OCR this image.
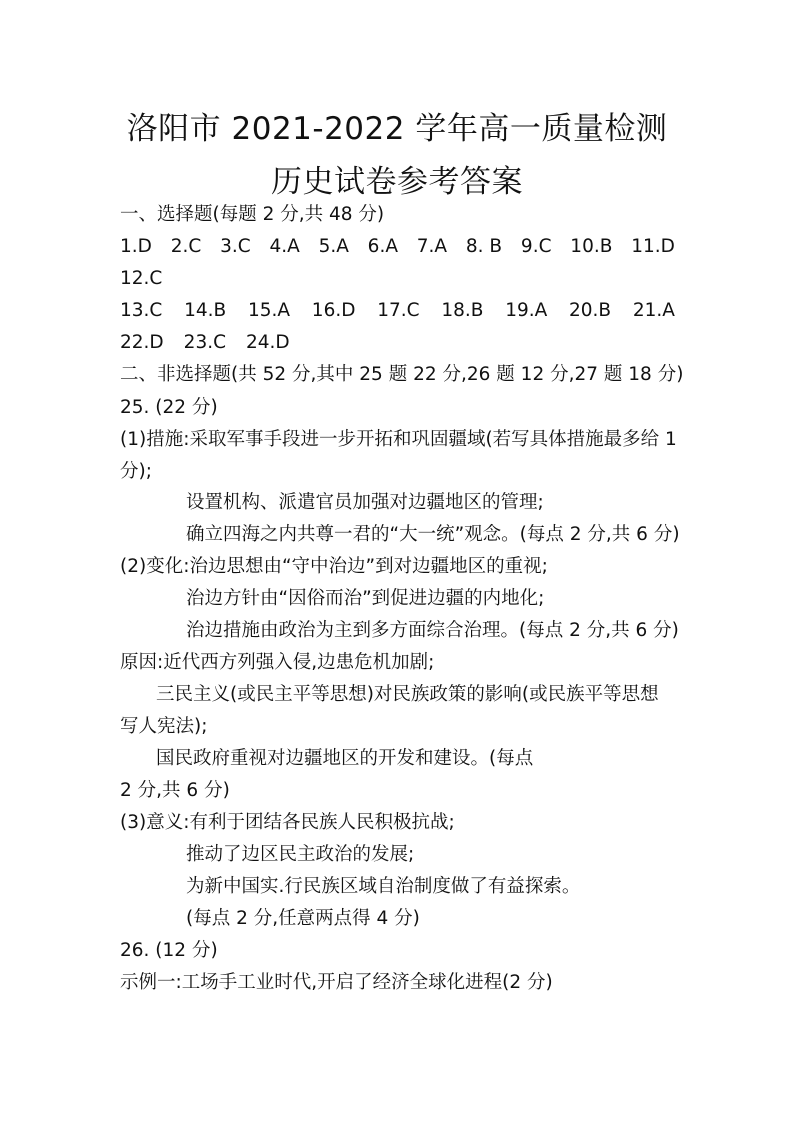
洛阳市 2021-2022 学年高一质量检测
历史试卷参考答案
一、选择题(每题 2 分,共 48 分)
1.D 2.C 3.C 4.A 5.A 6.A 7.A 8. B 9.C 10.B 11.D
12.C
13.C 14.B 15.A 16.D 17.C 18.B 19.A 20.B 21.A
22.D 23.C 24.D
二、非选择题(共 52 分,其中 25 题 22 分,26 题 12 分,27 题 18 分)
25. (22 分)
(1)措施:采取军事手段进一步开拓和巩固疆域(若写具体措施最多给 1
分);
设置机构、派遣官员加强对边疆地区的管理;
确立四海之内共尊一君的“大一统”观念。(每点 2 分,共 6 分)
(2)变化:治边思想由“守中治边”到对边疆地区的重视;
治边方针由“因俗而治”到促进边疆的内地化;
治边措施由政治为主到多方面综合治理。(每点 2 分,共 6 分)
原因:近代西方列强入侵,边患危机加剧;
三民主义(或民主平等思想)对民族政策的影响(或民族平等思想
写人宪法);
国民政府重视对边疆地区的开发和建设。(每点
2 分,共 6 分)
(3)意义:有利于团结各民族人民积极抗战;
推动了边区民主政治的发展;
为新中国实.行民族区域自治制度做了有益探索。
(每点 2 分,任意两点得 4 分)
26. (12 分)
示例一:工场手工业时代,开启了经济全球化进程(2 分)
